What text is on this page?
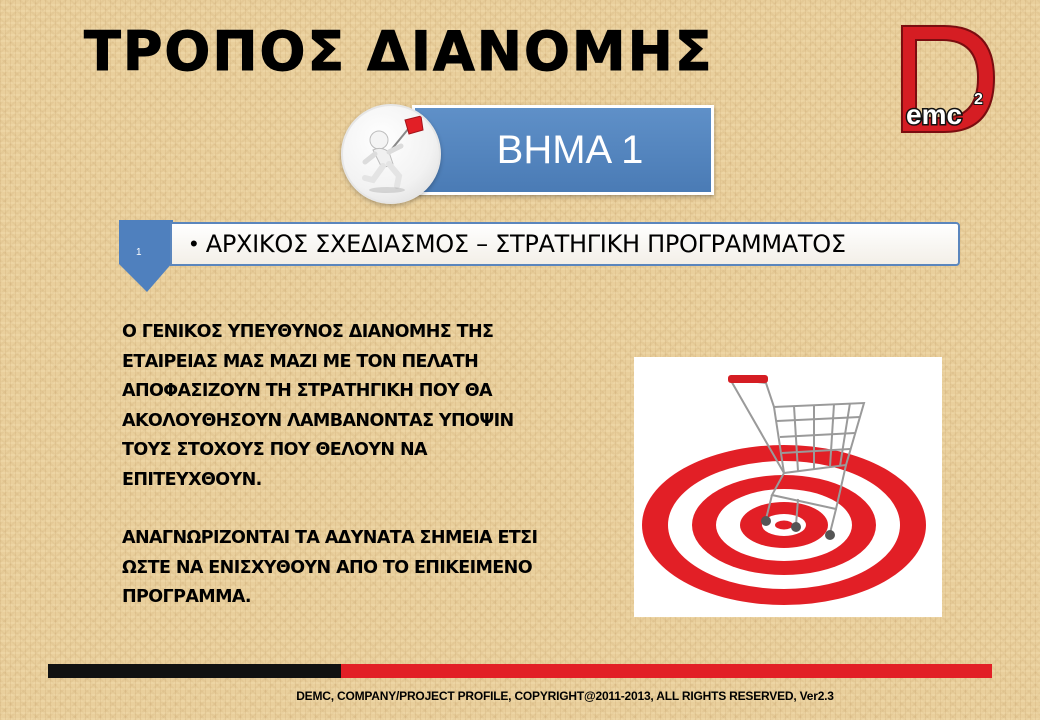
ΤΡΟΠΟΣ ΔΙΑΝΟΜΗΣ
emc 2
ΒΗΜΑ 1
1 • ΑΡΧΙΚΟΣ ΣΧΕΔΙΑΣΜΟΣ – ΣΤΡΑΤΗΓΙΚΗ ΠΡΟΓΡΑΜΜΑΤΟΣ

Ο ΓΕΝΙΚΟΣ ΥΠΕΥΘΥΝΟΣ ΔΙΑΝΟΜΗΣ ΤΗΣ
ΕΤΑΙΡΕΙΑΣ ΜΑΣ ΜΑΖΙ ΜΕ ΤΟΝ ΠΕΛΑΤΗ
ΑΠΟΦΑΣΙΖΟΥΝ ΤΗ ΣΤΡΑΤΗΓΙΚΗ ΠΟΥ ΘΑ
ΑΚΟΛΟΥΘΗΣΟΥΝ ΛΑΜΒΑΝΟΝΤΑΣ ΥΠΟΨΙΝ
ΤΟΥΣ ΣΤΟΧΟΥΣ ΠΟΥ ΘΕΛΟΥΝ ΝΑ
ΕΠΙΤΕΥΧΘΟΥΝ.

ΑΝΑΓΝΩΡΙΖΟΝΤΑΙ ΤΑ ΑΔΥΝΑΤΑ ΣΗΜΕΙΑ ΕΤΣΙ
ΩΣΤΕ ΝΑ ΕΝΙΣΧΥΘΟΥΝ ΑΠΟ ΤΟ ΕΠΙΚΕΙΜΕΝΟ
ΠΡΟΓΡΑΜΜΑ.

DEMC, COMPANY/PROJECT PROFILE, COPYRIGHT@2011-2013, ALL RIGHTS RESERVED, Ver2.3
